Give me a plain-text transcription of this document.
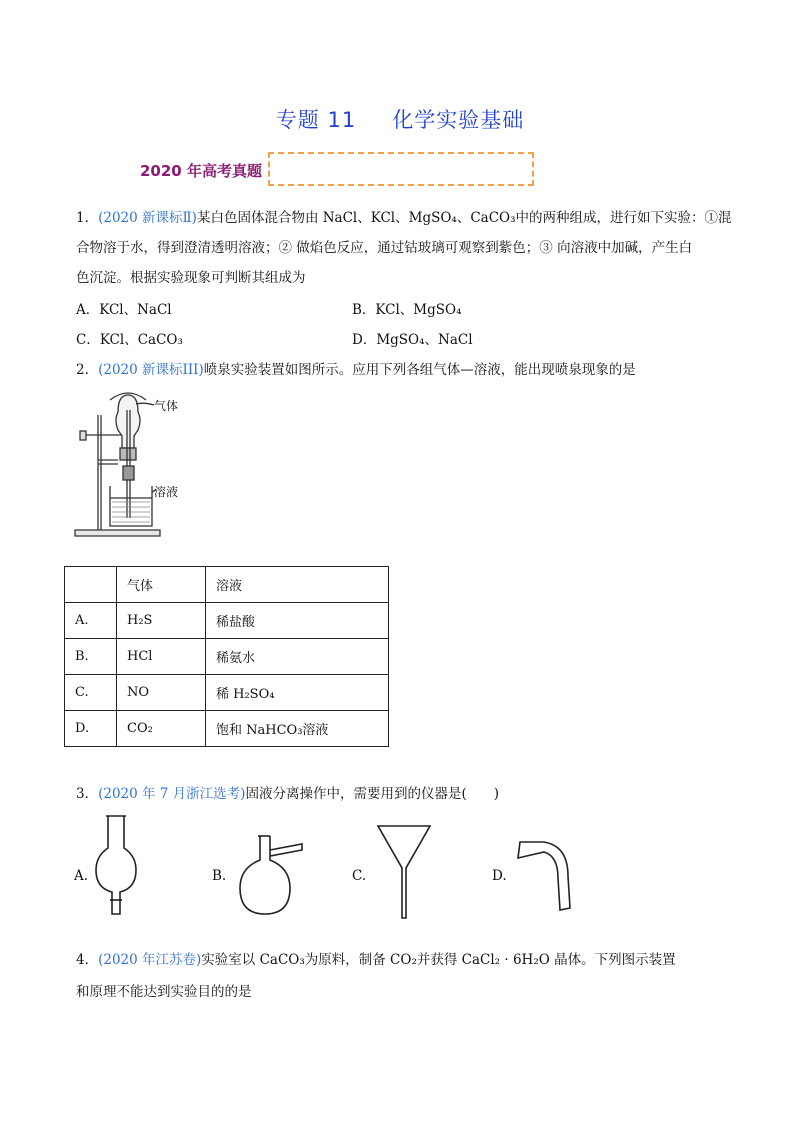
专题 11 化学实验基础
2020 年高考真题
1．(2020 新课标Ⅱ)某白色固体混合物由 NaCl、KCl、MgSO₄、CaCO₃中的两种组成，进行如下实验：①混
合物溶于水，得到澄清透明溶液；② 做焰色反应，通过钴玻璃可观察到紫色；③ 向溶液中加碱，产生白
色沉淀。根据实验现象可判断其组成为
A．KCl、NaCl	B．KCl、MgSO₄
C．KCl、CaCO₃	D．MgSO₄、NaCl
2．(2020 新课标III)喷泉实验装置如图所示。应用下列各组气体—溶液，能出现喷泉现象的是
气体
溶液
	气体	溶液
A.	H₂S	稀盐酸
B.	HCl	稀氨水
C.	NO	稀 H₂SO₄
D.	CO₂	饱和 NaHCO₃溶液
3．(2020 年 7 月浙江选考)固液分离操作中，需要用到的仪器是(　　)
A.	B.	C.	D.
4．(2020 年江苏卷)实验室以 CaCO₃为原料，制备 CO₂并获得 CaCl₂ · 6H₂O 晶体。下列图示装置
和原理不能达到实验目的的是
